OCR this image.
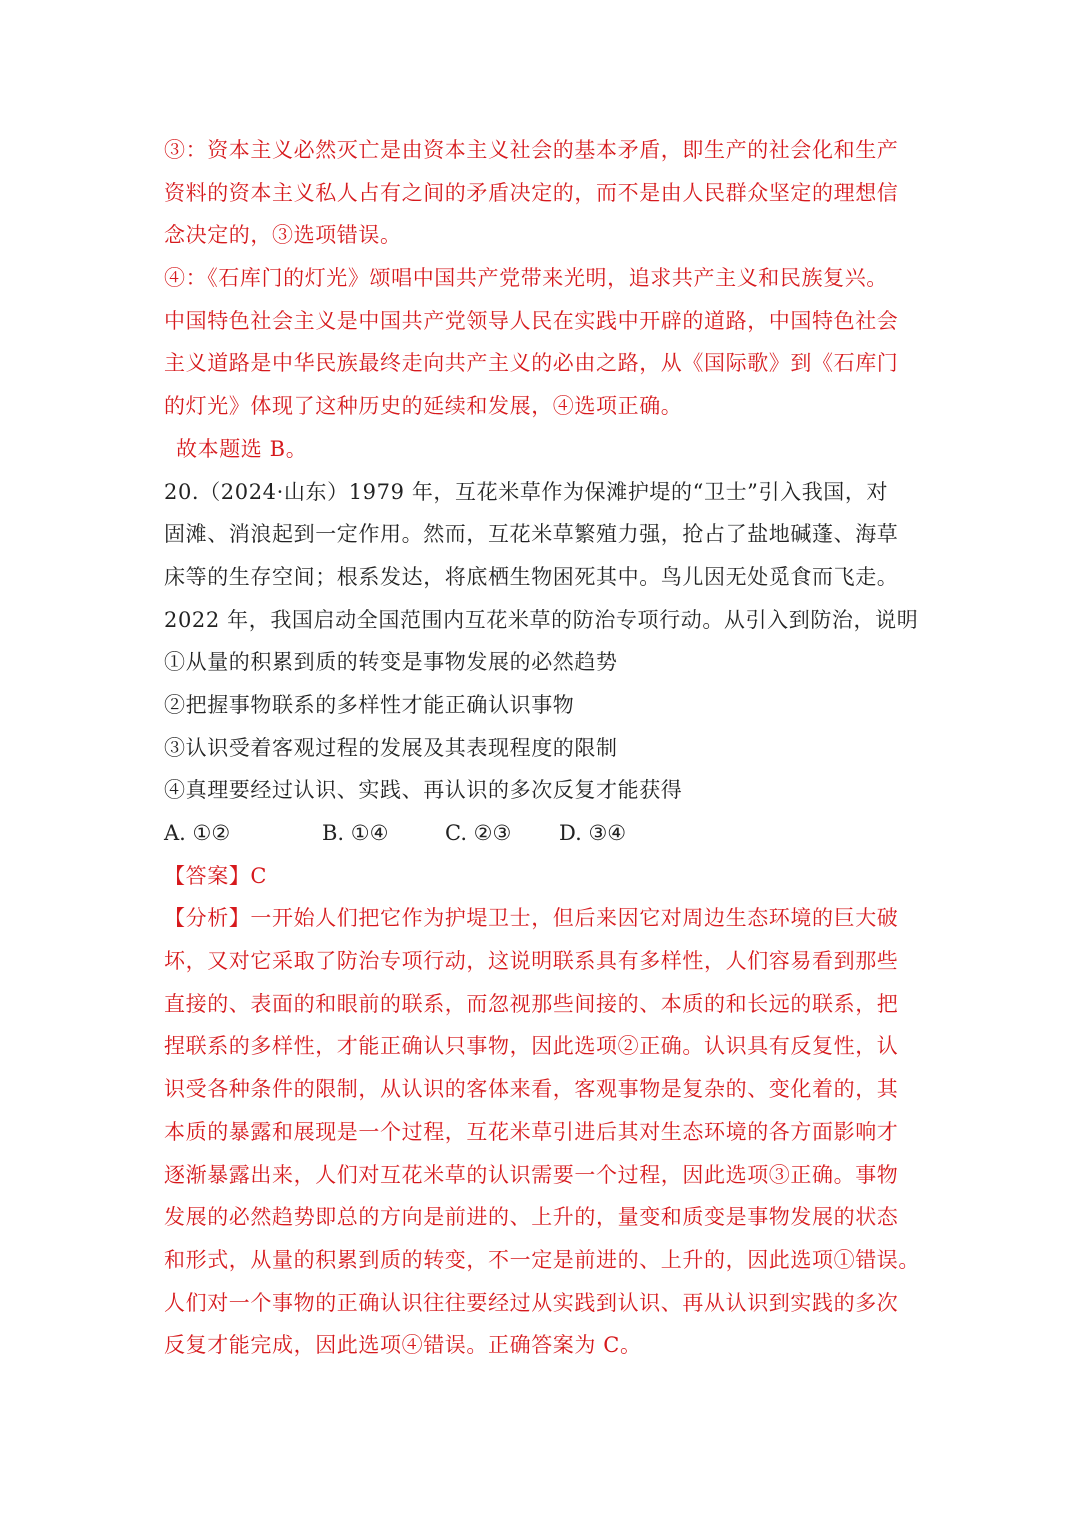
③：资本主义必然灭亡是由资本主义社会的基本矛盾，即生产的社会化和生产
资料的资本主义私人占有之间的矛盾决定的，而不是由人民群众坚定的理想信
念决定的，③选项错误。
④：《石库门的灯光》颂唱中国共产党带来光明，追求共产主义和民族复兴。
中国特色社会主义是中国共产党领导人民在实践中开辟的道路，中国特色社会
主义道路是中华民族最终走向共产主义的必由之路，从《国际歌》到《石库门
的灯光》体现了这种历史的延续和发展，④选项正确。
故本题选 B。
20.（2024·山东）1979 年，互花米草作为保滩护堤的“卫士”引入我国，对
固滩、消浪起到一定作用。然而，互花米草繁殖力强，抢占了盐地碱蓬、海草
床等的生存空间；根系发达，将底栖生物困死其中。鸟儿因无处觅食而飞走。
2022 年，我国启动全国范围内互花米草的防治专项行动。从引入到防治，说明
①从量的积累到质的转变是事物发展的必然趋势
②把握事物联系的多样性才能正确认识事物
③认识受着客观过程的发展及其表现程度的限制
④真理要经过认识、实践、再认识的多次反复才能获得
A. ①②	B. ①④	C. ②③	D. ③④
【答案】C
【分析】一开始人们把它作为护堤卫士，但后来因它对周边生态环境的巨大破
坏，又对它采取了防治专项行动，这说明联系具有多样性，人们容易看到那些
直接的、表面的和眼前的联系，而忽视那些间接的、本质的和长远的联系，把
捏联系的多样性，才能正确认只事物，因此选项②正确。认识具有反复性，认
识受各种条件的限制，从认识的客体来看，客观事物是复杂的、变化着的，其
本质的暴露和展现是一个过程，互花米草引进后其对生态环境的各方面影响才
逐渐暴露出来，人们对互花米草的认识需要一个过程，因此选项③正确。事物
发展的必然趋势即总的方向是前进的、上升的，量变和质变是事物发展的状态
和形式，从量的积累到质的转变，不一定是前进的、上升的，因此选项①错误。
人们对一个事物的正确认识往往要经过从实践到认识、再从认识到实践的多次
反复才能完成，因此选项④错误。正确答案为 C。
